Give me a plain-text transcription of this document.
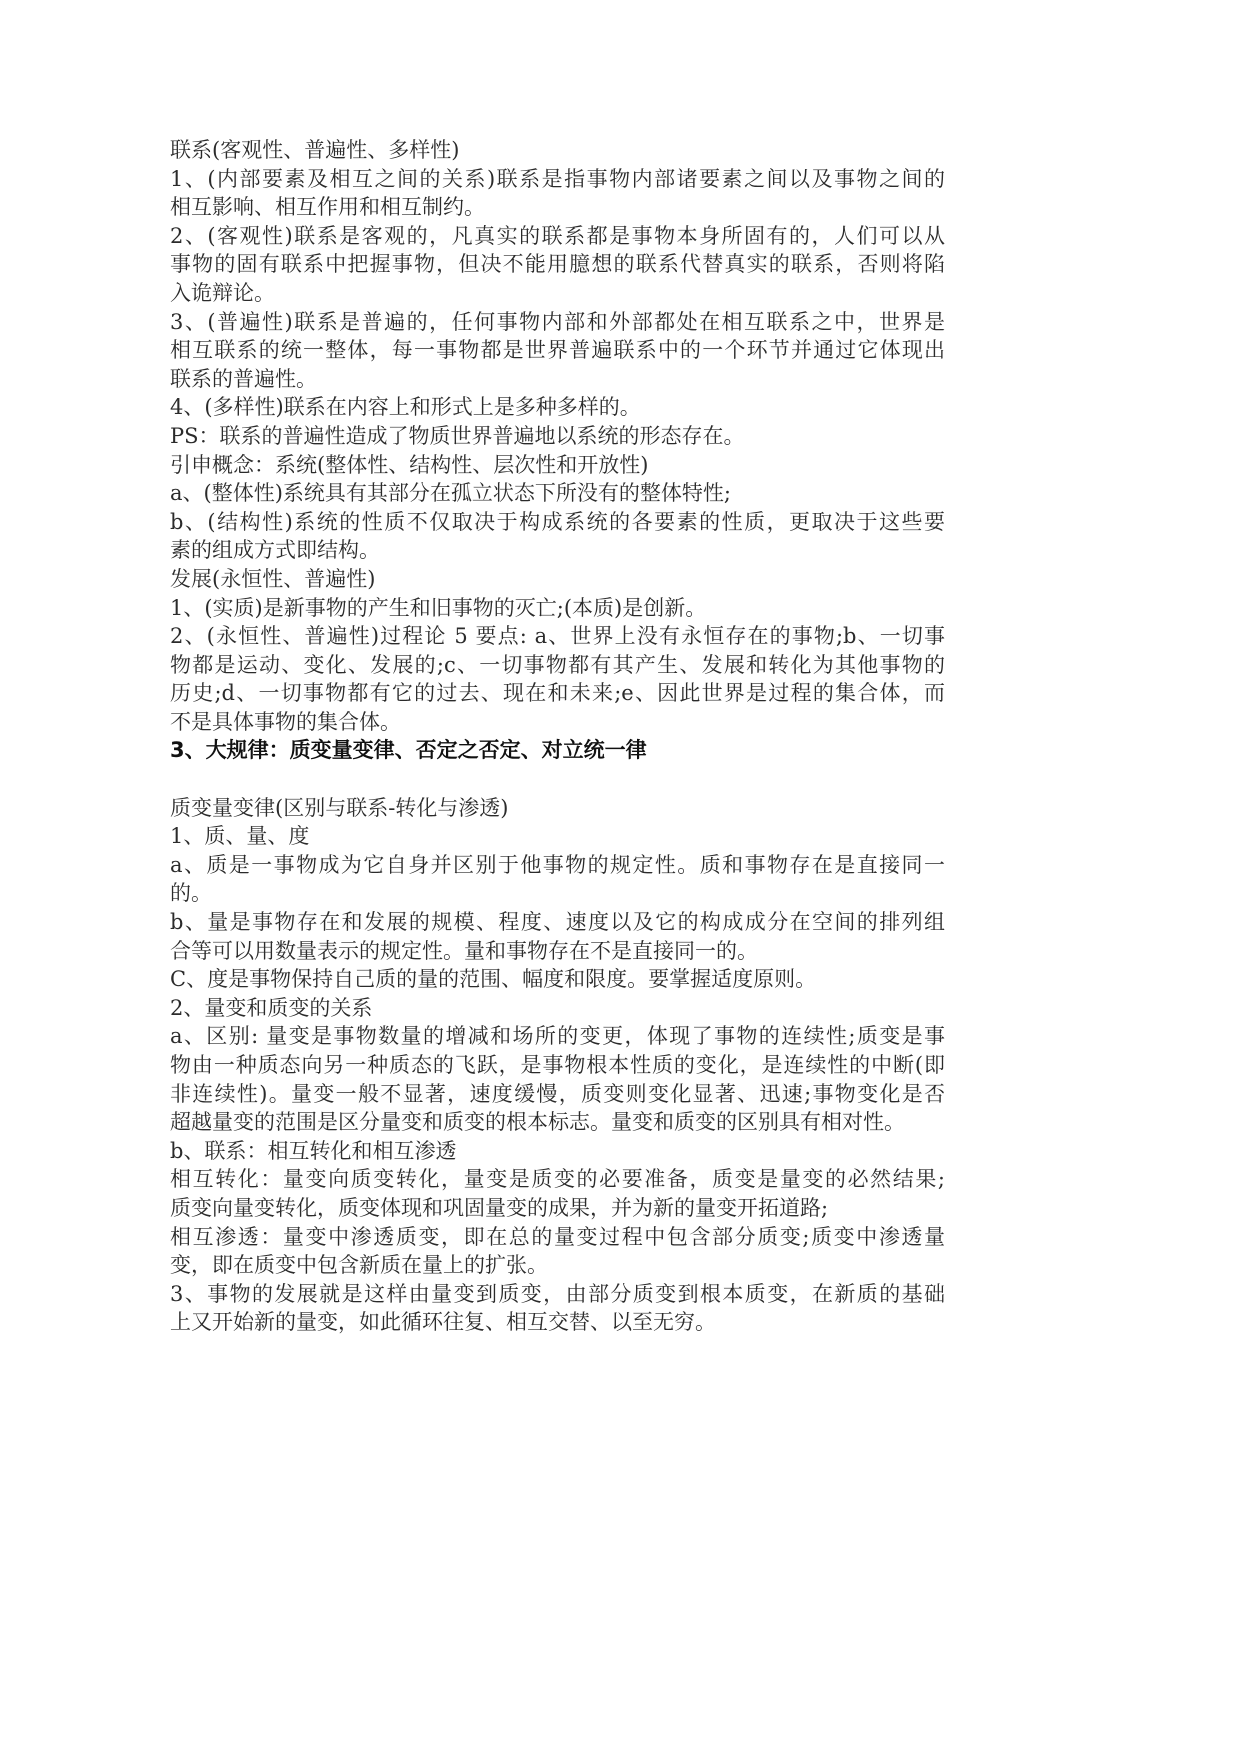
联系(客观性、普遍性、多样性)
1、(内部要素及相互之间的关系)联系是指事物内部诸要素之间以及事物之间的
相互影响、相互作用和相互制约。
2、(客观性)联系是客观的，凡真实的联系都是事物本身所固有的，人们可以从
事物的固有联系中把握事物，但决不能用臆想的联系代替真实的联系，否则将陷
入诡辩论。
3、(普遍性)联系是普遍的，任何事物内部和外部都处在相互联系之中，世界是
相互联系的统一整体，每一事物都是世界普遍联系中的一个环节并通过它体现出
联系的普遍性。
4、(多样性)联系在内容上和形式上是多种多样的。
PS：联系的普遍性造成了物质世界普遍地以系统的形态存在。
引申概念：系统(整体性、结构性、层次性和开放性)
a、(整体性)系统具有其部分在孤立状态下所没有的整体特性;
b、(结构性)系统的性质不仅取决于构成系统的各要素的性质，更取决于这些要
素的组成方式即结构。
发展(永恒性、普遍性)
1、(实质)是新事物的产生和旧事物的灭亡;(本质)是创新。
2、(永恒性、普遍性)过程论 5 要点: a、世界上没有永恒存在的事物;b、一切事
物都是运动、变化、发展的;c、一切事物都有其产生、发展和转化为其他事物的
历史;d、一切事物都有它的过去、现在和未来;e、因此世界是过程的集合体，而
不是具体事物的集合体。
3、大规律：质变量变律、否定之否定、对立统一律
质变量变律(区别与联系-转化与渗透)
1、质、量、度
a、质是一事物成为它自身并区别于他事物的规定性。质和事物存在是直接同一
的。
b、量是事物存在和发展的规模、程度、速度以及它的构成成分在空间的排列组
合等可以用数量表示的规定性。量和事物存在不是直接同一的。
C、度是事物保持自己质的量的范围、幅度和限度。要掌握适度原则。
2、量变和质变的关系
a、区别: 量变是事物数量的增减和场所的变更，体现了事物的连续性;质变是事
物由一种质态向另一种质态的飞跃，是事物根本性质的变化，是连续性的中断(即
非连续性)。量变一般不显著，速度缓慢，质变则变化显著、迅速;事物变化是否
超越量变的范围是区分量变和质变的根本标志。量变和质变的区别具有相对性。
b、联系：相互转化和相互渗透
相互转化：量变向质变转化，量变是质变的必要准备，质变是量变的必然结果;
质变向量变转化，质变体现和巩固量变的成果，并为新的量变开拓道路;
相互渗透：量变中渗透质变，即在总的量变过程中包含部分质变;质变中渗透量
变，即在质变中包含新质在量上的扩张。
3、事物的发展就是这样由量变到质变，由部分质变到根本质变，在新质的基础
上又开始新的量变，如此循环往复、相互交替、以至无穷。
